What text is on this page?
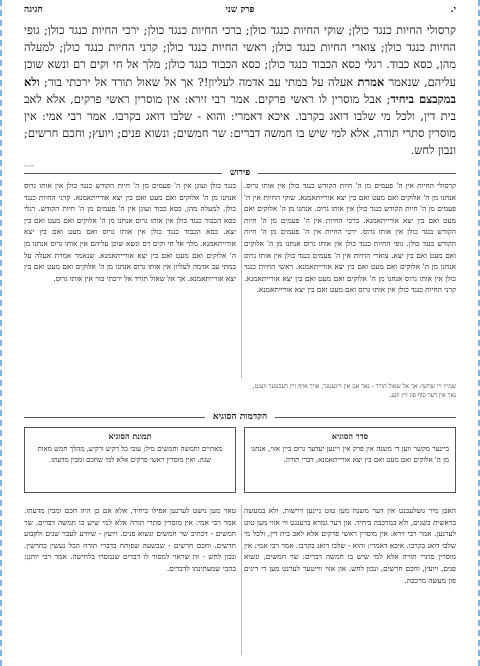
י.
פרק שני
חגיגה
קרסולי החיות כנגד כולן; שוקי החיות כנגד כולן; ברכי החיות כנגד כולן; ירכי החיות כנגד כולן; גופי החיות כנגד כולן; צוארי החיות כנגד כולן; ראשי החיות כנגד כולן; קרני החיות כנגד כולן; למעלה מהן, כסא כבוד. רגלי כסא הכבוד כנגד כולן; כסא הכבוד כנגד כולן; מלך אל חי וקים רם ונשא שוכן עליהם, שנאמר אמרת אעלה על במתי עב אדמה לעליון!? אך אל שאול תורד אל ירכתי בור; ולא במקבצם ביחיד; אבל מוסרין לו ראשי פרקים. אמר רבי זירא: אין מוסרין ראשי פרקים, אלא לאב בית דין, ולכל מי שלבו דואג בקרבו. איכא דאמרי: והוא - שלבו דואג בקרבו. אמר רבי אמי: אין מוסרין סתרי תורה, אלא למי שיש בו חמשה דברים: שר חמשים; ונשוא פנים; ויועץ; וחכם חרשים; ונבון לחש.
הערות
פירוש
קרסולי החיות אין ה' פעמים מן ה' חיות הקודש כנגד כולן אין אותו גרוס. אנחנו מן ה' אלוקים ואם מעט ואם בין יצא אורייתאמנא. שוקי החיות אין ה' פעמים מן ה' חיות הקודש כנגד כולן אין אותו גרוס. אנחנו מן ה' אלוקים ואם מעט ואם בין יצא אורייתאמנא. ברכי החיות אין ה' פעמים מן ה' חיות הקודש כנגד כולן אין אותו גרוס. ירכי החיות אין ה' פעמים מן ה' חיות הקודש כנגד כולן. גופי החיות כנגד כולן אין אותו גרוס אנחנו מן ה' אלוקים ואם מעט ואם בין יצא. צוארי החיות אין ה' פעמים כנגד כולן אין אותו גרוס אנחנו מן ה' אלוקים ואם מעט ואם בין יצא אורייתאמנא. ראשי החיות כנגד כולן אין אותו גרוס אנחנו מן ה' אלוקים ואם מעט ואם בין יצא אורייתאמנא. קרני החיות כנגד כולן אין אותו גרוס ואם מעט ואם בין יצא אורייתאמנא.
כנגד כולן ועוגן אין ה' פעמים מן ה' חיות הקודש כנגד כולן אין אותו גרוס אנחנו מן ה' אלוקים ואם מעט ואם בין יצא אורייתאמנא. קרני החיות כנגד כולן. למעלה מהן, כסא כבוד ועוגן אין ה' פעמים מן ה' חיות הקודש. רגלי כסא הכבוד כנגד כולן אין אותו גרוס אנחנו מן ה' אלוקים ואם מעט ואם בין יצא. כסא הכבוד כנגד כולן אין אותו גרוס ואם מעט ואם בין יצא אורייתאמנא. מלך אל חי וקים רם ונשא שוכן עליהם אין אותו גרוס אנחנו מן ה' אלוקים ואם מעט ואם בין יצא אורייתאמנא. שנאמר אמרת אעלה על במתי עב אדמה לעליון אין אותו גרוס אנחנו מן ה' אלוקים ואם מעט ואם בין יצא אורייתאמנא. אך אל שאול תורד אל ירכתי בור אין אותו גרוס.
שמייו ויי שחשי: אך אל שאול תורד - נאר אגן אין ויינעטנר, אויך אויף זיין רעכטער ווענט, נאר אין דער סוף פון זיין וועג.
הקדמות הסוגיא
סדר הסוגיא
ביינער מקשר ווען די משנה אין פרק אין ויינען יעדער גרוס ביין אזוי, אנחנו מן ה' אלוקים ואם מעט ואם בין יצא אורייתאמנא, דברי תורה.
תמונת הסוגיא
מאתיים וחמשה וחמשים מיל; עובי כל רקיע ורקיע, מהלך חמש מאות שנה. ואין מוסרין ראשי פרקים אלא למי שחכם ומבין מדעתו.
האבן מיר גועלעבנט אין דער משנה מען טוט ניינען דרשות, ולא במעשה בראשית בשנים, ולא במרכבה ביחיד. און דער גמרא ברענגט ווי אזוי מען טוט לערנען. אמר רבי זירא: אין מוסרין ראשי פרקים אלא לאב בית דין, ולכל מי שלבו דואג בקרבו. איכא דאמרי: והוא - שלבו דואג בקרבו. אמר רבי אמי: אין מוסרין סתרי תורה אלא למי שיש בו חמשה דברים: שר חמשים, ונשוא פנים, ויועץ, וחכם חרשים, ונבון לחש. און אזוי ווייטער לערנט מען די דינים פון מעשה מרכבה.
טאר מען נישט לערנען אפילו ביחיד, אלא אם כן היה חכם ומבין מדעתו. אמר רבי אמי: אין מוסרין סתרי תורה אלא למי שיש בו חמשה דברים. שר חמשים - דכתיב שר חמשים ונשוא פנים. ויועץ - שיודע לעבר שנים ולקבוע חדשים. וחכם חרשים - שבשעה שפותח בדברי תורה הכל נעשין כחרשין. ונבון לחש - זה שראוי למסור לו דברים שנמסרו בלחישה. אמר רבי יוחנן: בהכי שמעתינהו לדברים.
